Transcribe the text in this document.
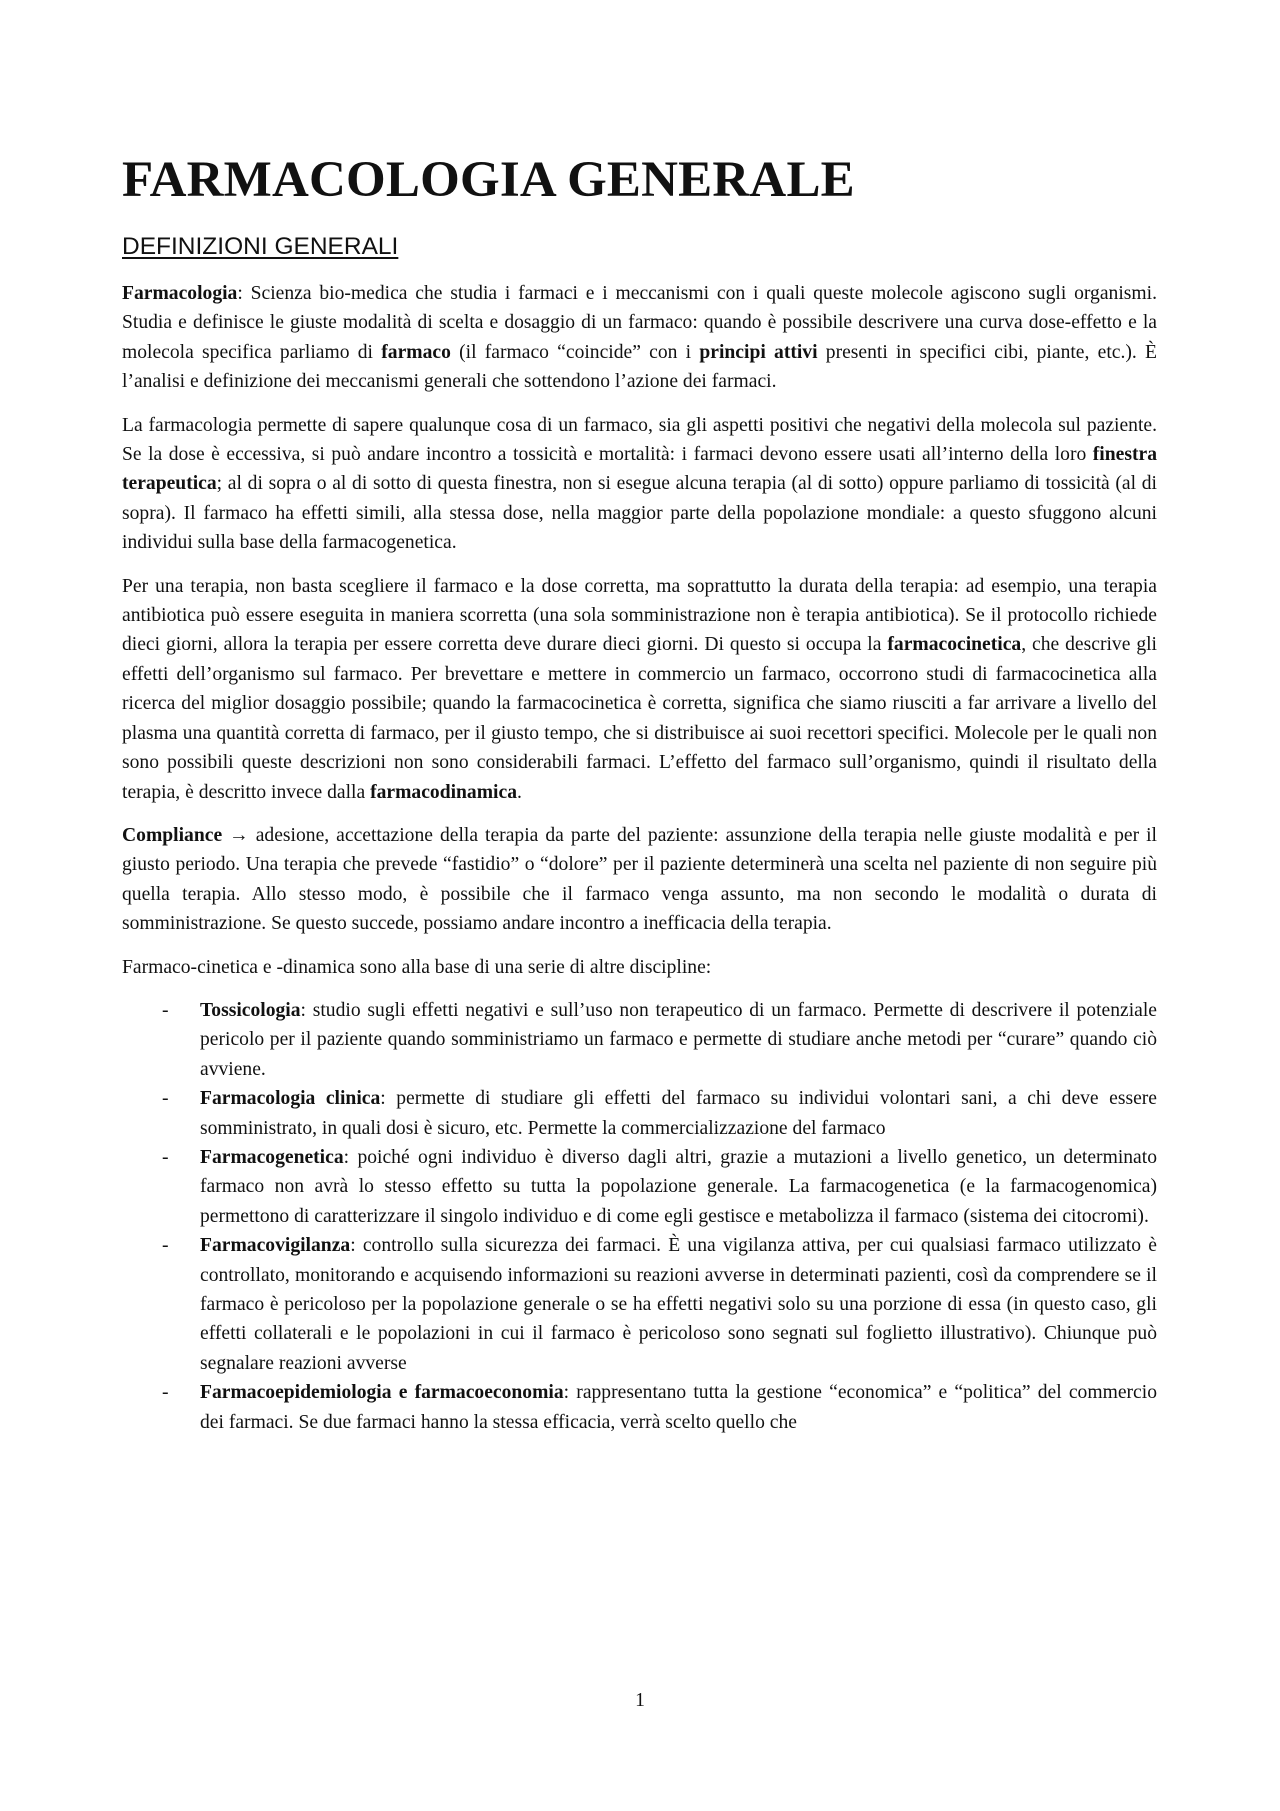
FARMACOLOGIA GENERALE
DEFINIZIONI GENERALI

Farmacologia: Scienza bio-medica che studia i farmaci e i meccanismi con i quali queste molecole agiscono sugli organismi. Studia e definisce le giuste modalità di scelta e dosaggio di un farmaco: quando è possibile descrivere una curva dose-effetto e la molecola specifica parliamo di farmaco (il farmaco “coincide” con i principi attivi presenti in specifici cibi, piante, etc.). È l’analisi e definizione dei meccanismi generali che sottendono l’azione dei farmaci.

La farmacologia permette di sapere qualunque cosa di un farmaco, sia gli aspetti positivi che negativi della molecola sul paziente. Se la dose è eccessiva, si può andare incontro a tossicità e mortalità: i farmaci devono essere usati all’interno della loro finestra terapeutica; al di sopra o al di sotto di questa finestra, non si esegue alcuna terapia (al di sotto) oppure parliamo di tossicità (al di sopra). Il farmaco ha effetti simili, alla stessa dose, nella maggior parte della popolazione mondiale: a questo sfuggono alcuni individui sulla base della farmacogenetica.

Per una terapia, non basta scegliere il farmaco e la dose corretta, ma soprattutto la durata della terapia: ad esempio, una terapia antibiotica può essere eseguita in maniera scorretta (una sola somministrazione non è terapia antibiotica). Se il protocollo richiede dieci giorni, allora la terapia per essere corretta deve durare dieci giorni. Di questo si occupa la farmacocinetica, che descrive gli effetti dell’organismo sul farmaco. Per brevettare e mettere in commercio un farmaco, occorrono studi di farmacocinetica alla ricerca del miglior dosaggio possibile; quando la farmacocinetica è corretta, significa che siamo riusciti a far arrivare a livello del plasma una quantità corretta di farmaco, per il giusto tempo, che si distribuisce ai suoi recettori specifici. Molecole per le quali non sono possibili queste descrizioni non sono considerabili farmaci. L’effetto del farmaco sull’organismo, quindi il risultato della terapia, è descritto invece dalla farmacodinamica.

Compliance → adesione, accettazione della terapia da parte del paziente: assunzione della terapia nelle giuste modalità e per il giusto periodo. Una terapia che prevede “fastidio” o “dolore” per il paziente determinerà una scelta nel paziente di non seguire più quella terapia. Allo stesso modo, è possibile che il farmaco venga assunto, ma non secondo le modalità o durata di somministrazione. Se questo succede, possiamo andare incontro a inefficacia della terapia.

Farmaco-cinetica e -dinamica sono alla base di una serie di altre discipline:

- Tossicologia: studio sugli effetti negativi e sull’uso non terapeutico di un farmaco. Permette di descrivere il potenziale pericolo per il paziente quando somministriamo un farmaco e permette di studiare anche metodi per “curare” quando ciò avviene.
- Farmacologia clinica: permette di studiare gli effetti del farmaco su individui volontari sani, a chi deve essere somministrato, in quali dosi è sicuro, etc. Permette la commercializzazione del farmaco
- Farmacogenetica: poiché ogni individuo è diverso dagli altri, grazie a mutazioni a livello genetico, un determinato farmaco non avrà lo stesso effetto su tutta la popolazione generale. La farmacogenetica (e la farmacogenomica) permettono di caratterizzare il singolo individuo e di come egli gestisce e metabolizza il farmaco (sistema dei citocromi).
- Farmacovigilanza: controllo sulla sicurezza dei farmaci. È una vigilanza attiva, per cui qualsiasi farmaco utilizzato è controllato, monitorando e acquisendo informazioni su reazioni avverse in determinati pazienti, così da comprendere se il farmaco è pericoloso per la popolazione generale o se ha effetti negativi solo su una porzione di essa (in questo caso, gli effetti collaterali e le popolazioni in cui il farmaco è pericoloso sono segnati sul foglietto illustrativo). Chiunque può segnalare reazioni avverse
- Farmacoepidemiologia e farmacoeconomia: rappresentano tutta la gestione “economica” e “politica” del commercio dei farmaci. Se due farmaci hanno la stessa efficacia, verrà scelto quello che
1
